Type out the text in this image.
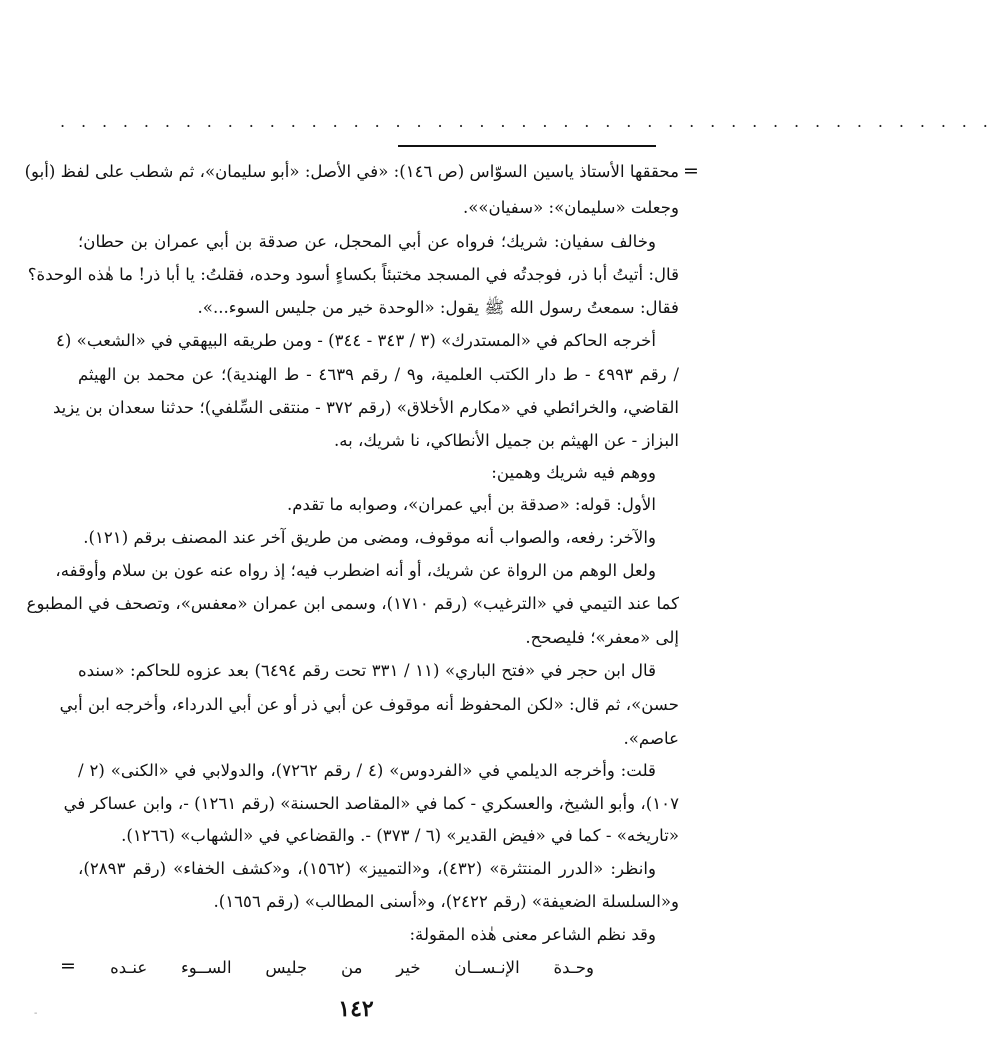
. . . . . . . . . . . . . . . . . . . . . . . . . . . . . . . . . . . . . . . . . . . . .
=
محققها الأستاذ ياسين السوّاس (ص ١٤٦): «في الأصل: «أبو سليمان»، ثم شطب على لفظ (أبو)
وجعلت «سليمان»: «سفيان»».
وخالف سفيان: شريك؛ فرواه عن أبي المحجل، عن صدقة بن أبي عمران بن حطان؛
قال: أتيتُ أبا ذر، فوجدتُه في المسجد مختبئاً بكساءٍ أسود وحده، فقلتُ: يا أبا ذر! ما هٰذه الوحدة؟
فقال: سمعتُ رسول الله ﷺ يقول: «الوحدة خير من جليس السوء...».
أخرجه الحاكم في «المستدرك» (٣ / ٣٤٣ - ٣٤٤) - ومن طريقه البيهقي في «الشعب» (٤
/ رقم ٤٩٩٣ - ط دار الكتب العلمية، و٩ / رقم ٤٦٣٩ - ط الهندية)؛ عن محمد بن الهيثم
القاضي، والخرائطي في «مكارم الأخلاق» (رقم ٣٧٢ - منتقى السِّلفي)؛ حدثنا سعدان بن يزيد
البزاز - عن الهيثم بن جميل الأنطاكي، نا شريك، به.
ووهم فيه شريك وهمين:
الأول: قوله: «صدقة بن أبي عمران»، وصوابه ما تقدم.
والآخر: رفعه، والصواب أنه موقوف، ومضى من طريق آخر عند المصنف برقم (١٢١).
ولعل الوهم من الرواة عن شريك، أو أنه اضطرب فيه؛ إذ رواه عنه عون بن سلام وأوقفه،
كما عند التيمي في «الترغيب» (رقم ١٧١٠)، وسمى ابن عمران «معفس»، وتصحف في المطبوع
إلى «معفر»؛ فليصحح.
قال ابن حجر في «فتح الباري» (١١ / ٣٣١ تحت رقم ٦٤٩٤) بعد عزوه للحاكم: «سنده
حسن»، ثم قال: «لكن المحفوظ أنه موقوف عن أبي ذر أو عن أبي الدرداء، وأخرجه ابن أبي
عاصم».
قلت: وأخرجه الديلمي في «الفردوس» (٤ / رقم ٧٢٦٢)، والدولابي في «الكنى» (٢ /
١٠٧)، وأبو الشيخ، والعسكري - كما في «المقاصد الحسنة» (رقم ١٢٦١) -، وابن عساكر في
«تاريخه» - كما في «فيض القدير» (٦ / ٣٧٣) -. والقضاعي في «الشهاب» (١٢٦٦).
وانظر: «الدرر المنتثرة» (٤٣٢)، و«التمييز» (١٥٦٢)، و«كشف الخفاء» (رقم ٢٨٩٣)،
و«السلسلة الضعيفة» (رقم ٢٤٢٢)، و«أسنى المطالب» (رقم ١٦٥٦).
وقد نظم الشاعر معنى هٰذه المقولة:
وحـدة
الإنـســان
خير
من
جليس
الســوء
عنـده
=
١٤٢
-
